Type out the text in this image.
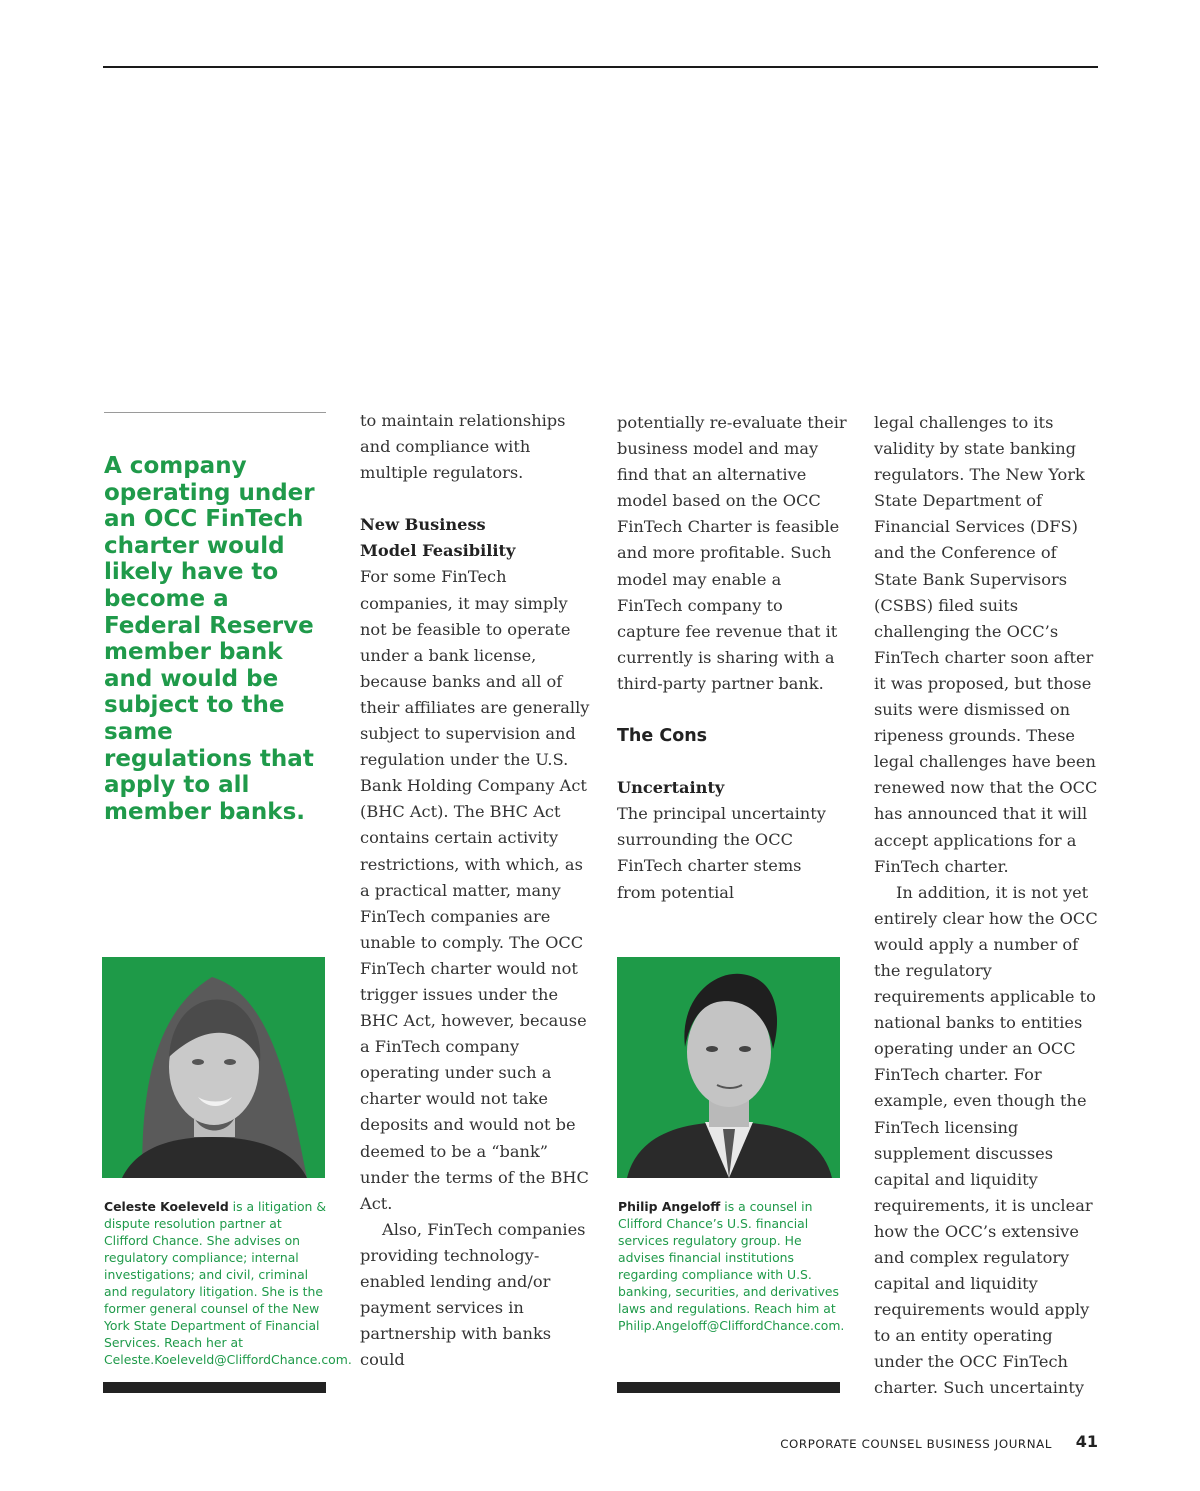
A company operating under an OCC FinTech charter would likely have to become a Federal Reserve member bank and would be subject to the same regulations that apply to all member banks.

Celeste Koeleveld is a litigation & dispute resolution partner at Clifford Chance. She advises on regulatory compliance; internal investigations; and civil, criminal and regulatory litigation. She is the former general counsel of the New York State Department of Financial Services. Reach her at Celeste.Koeleveld@CliffordChance.com.

to maintain relationships and compliance with multiple regulators.

New Business Model Feasibility

For some FinTech companies, it may simply not be feasible to operate under a bank license, because banks and all of their affiliates are generally subject to supervision and regulation under the U.S. Bank Holding Company Act (BHC Act). The BHC Act contains certain activity restrictions, with which, as a practical matter, many FinTech companies are unable to comply. The OCC FinTech charter would not trigger issues under the BHC Act, however, because a FinTech company operating under such a charter would not take deposits and would not be deemed to be a “bank” under the terms of the BHC Act.

Also, FinTech companies providing technology-enabled lending and/or payment services in partnership with banks could

potentially re-evaluate their business model and may find that an alternative model based on the OCC FinTech Charter is feasible and more profitable. Such model may enable a FinTech company to capture fee revenue that it currently is sharing with a third-party partner bank.

The Cons
Uncertainty

The principal uncertainty surrounding the OCC FinTech charter stems from potential

Philip Angeloff is a counsel in Clifford Chance’s U.S. financial services regulatory group. He advises financial institutions regarding compliance with U.S. banking, securities, and derivatives laws and regulations. Reach him at Philip.Angeloff@CliffordChance.com.

legal challenges to its validity by state banking regulators. The New York State Department of Financial Services (DFS) and the Conference of State Bank Supervisors (CSBS) filed suits challenging the OCC’s FinTech charter soon after it was proposed, but those suits were dismissed on ripeness grounds. These legal challenges have been renewed now that the OCC has announced that it will accept applications for a FinTech charter.

In addition, it is not yet entirely clear how the OCC would apply a number of the regulatory requirements applicable to national banks to entities operating under an OCC FinTech charter. For example, even though the FinTech licensing supplement discusses capital and liquidity requirements, it is unclear how the OCC’s extensive and complex regulatory capital and liquidity requirements would apply to an entity operating under the OCC FinTech charter. Such uncertainty

CORPORATE COUNSEL BUSINESS JOURNAL 41
